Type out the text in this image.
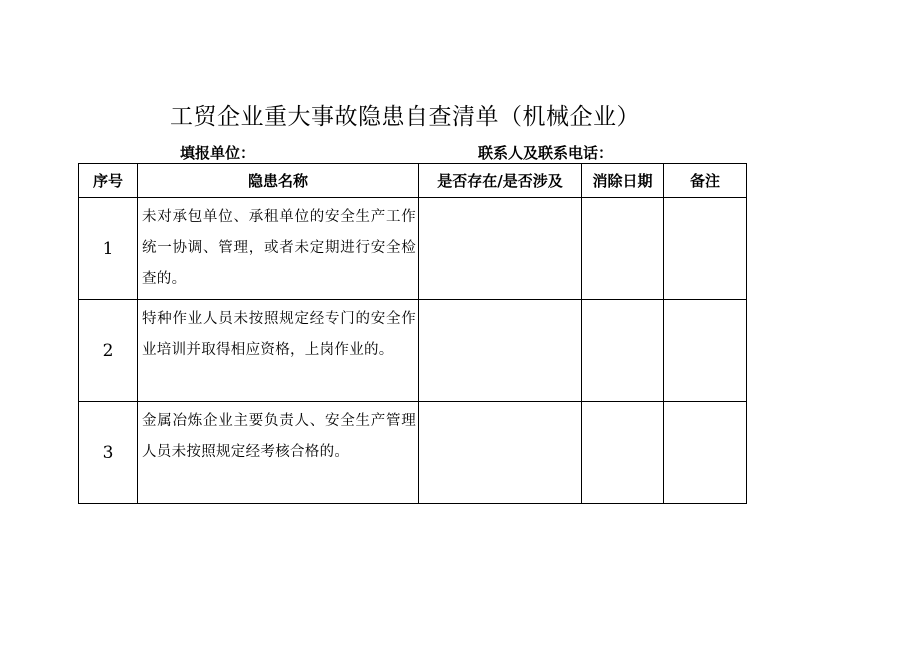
工贸企业重大事故隐患自查清单（机械企业）
填报单位：	联系人及联系电话：
序号	隐患名称	是否存在/是否涉及	消除日期	备注
1	未对承包单位、承租单位的安全生产工作统一协调、管理，或者未定期进行安全检查的。			
2	特种作业人员未按照规定经专门的安全作业培训并取得相应资格，上岗作业的。			
3	金属冶炼企业主要负责人、安全生产管理人员未按照规定经考核合格的。			
